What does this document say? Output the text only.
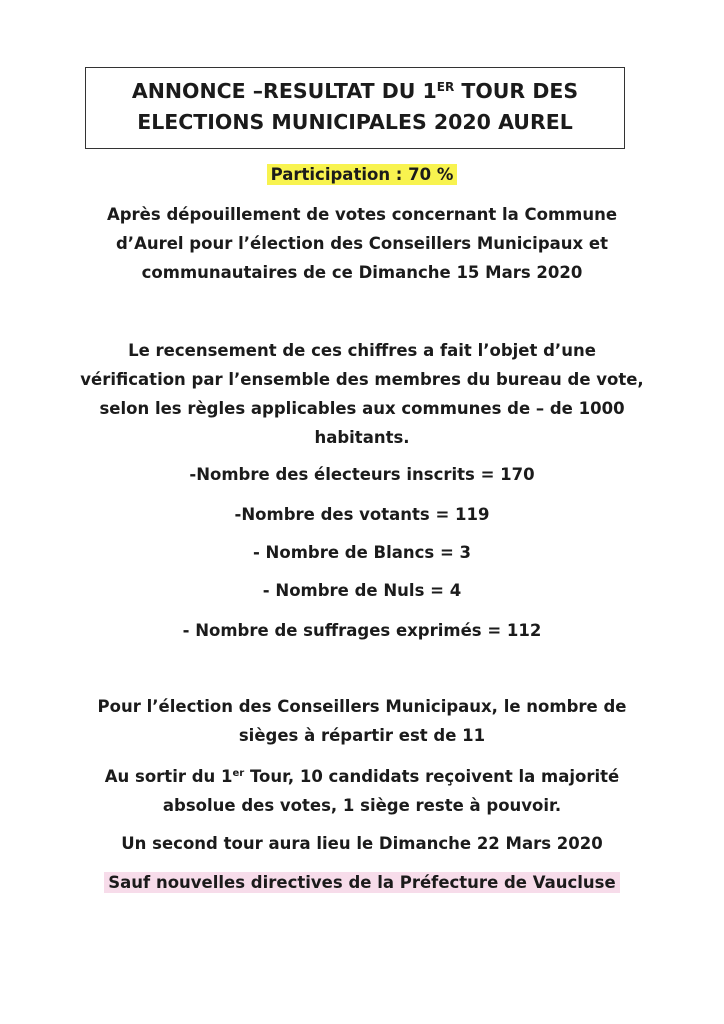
ANNONCE –RESULTAT DU 1ER TOUR DES
ELECTIONS MUNICIPALES 2020 AUREL
Participation : 70 %
Après dépouillement de votes concernant la Commune
d’Aurel pour l’élection des Conseillers Municipaux et
communautaires de ce Dimanche 15 Mars 2020
Le recensement de ces chiffres a fait l’objet d’une
vérification par l’ensemble des membres du bureau de vote,
selon les règles applicables aux communes de – de 1000
habitants.
-Nombre des électeurs inscrits = 170
-Nombre des votants = 119
- Nombre de Blancs = 3
- Nombre de Nuls = 4
- Nombre de suffrages exprimés = 112
Pour l’élection des Conseillers Municipaux, le nombre de
sièges à répartir est de 11
Au sortir du 1er Tour, 10 candidats reçoivent la majorité
absolue des votes, 1 siège reste à pouvoir.
Un second tour aura lieu le Dimanche 22 Mars 2020
Sauf nouvelles directives de la Préfecture de Vaucluse
